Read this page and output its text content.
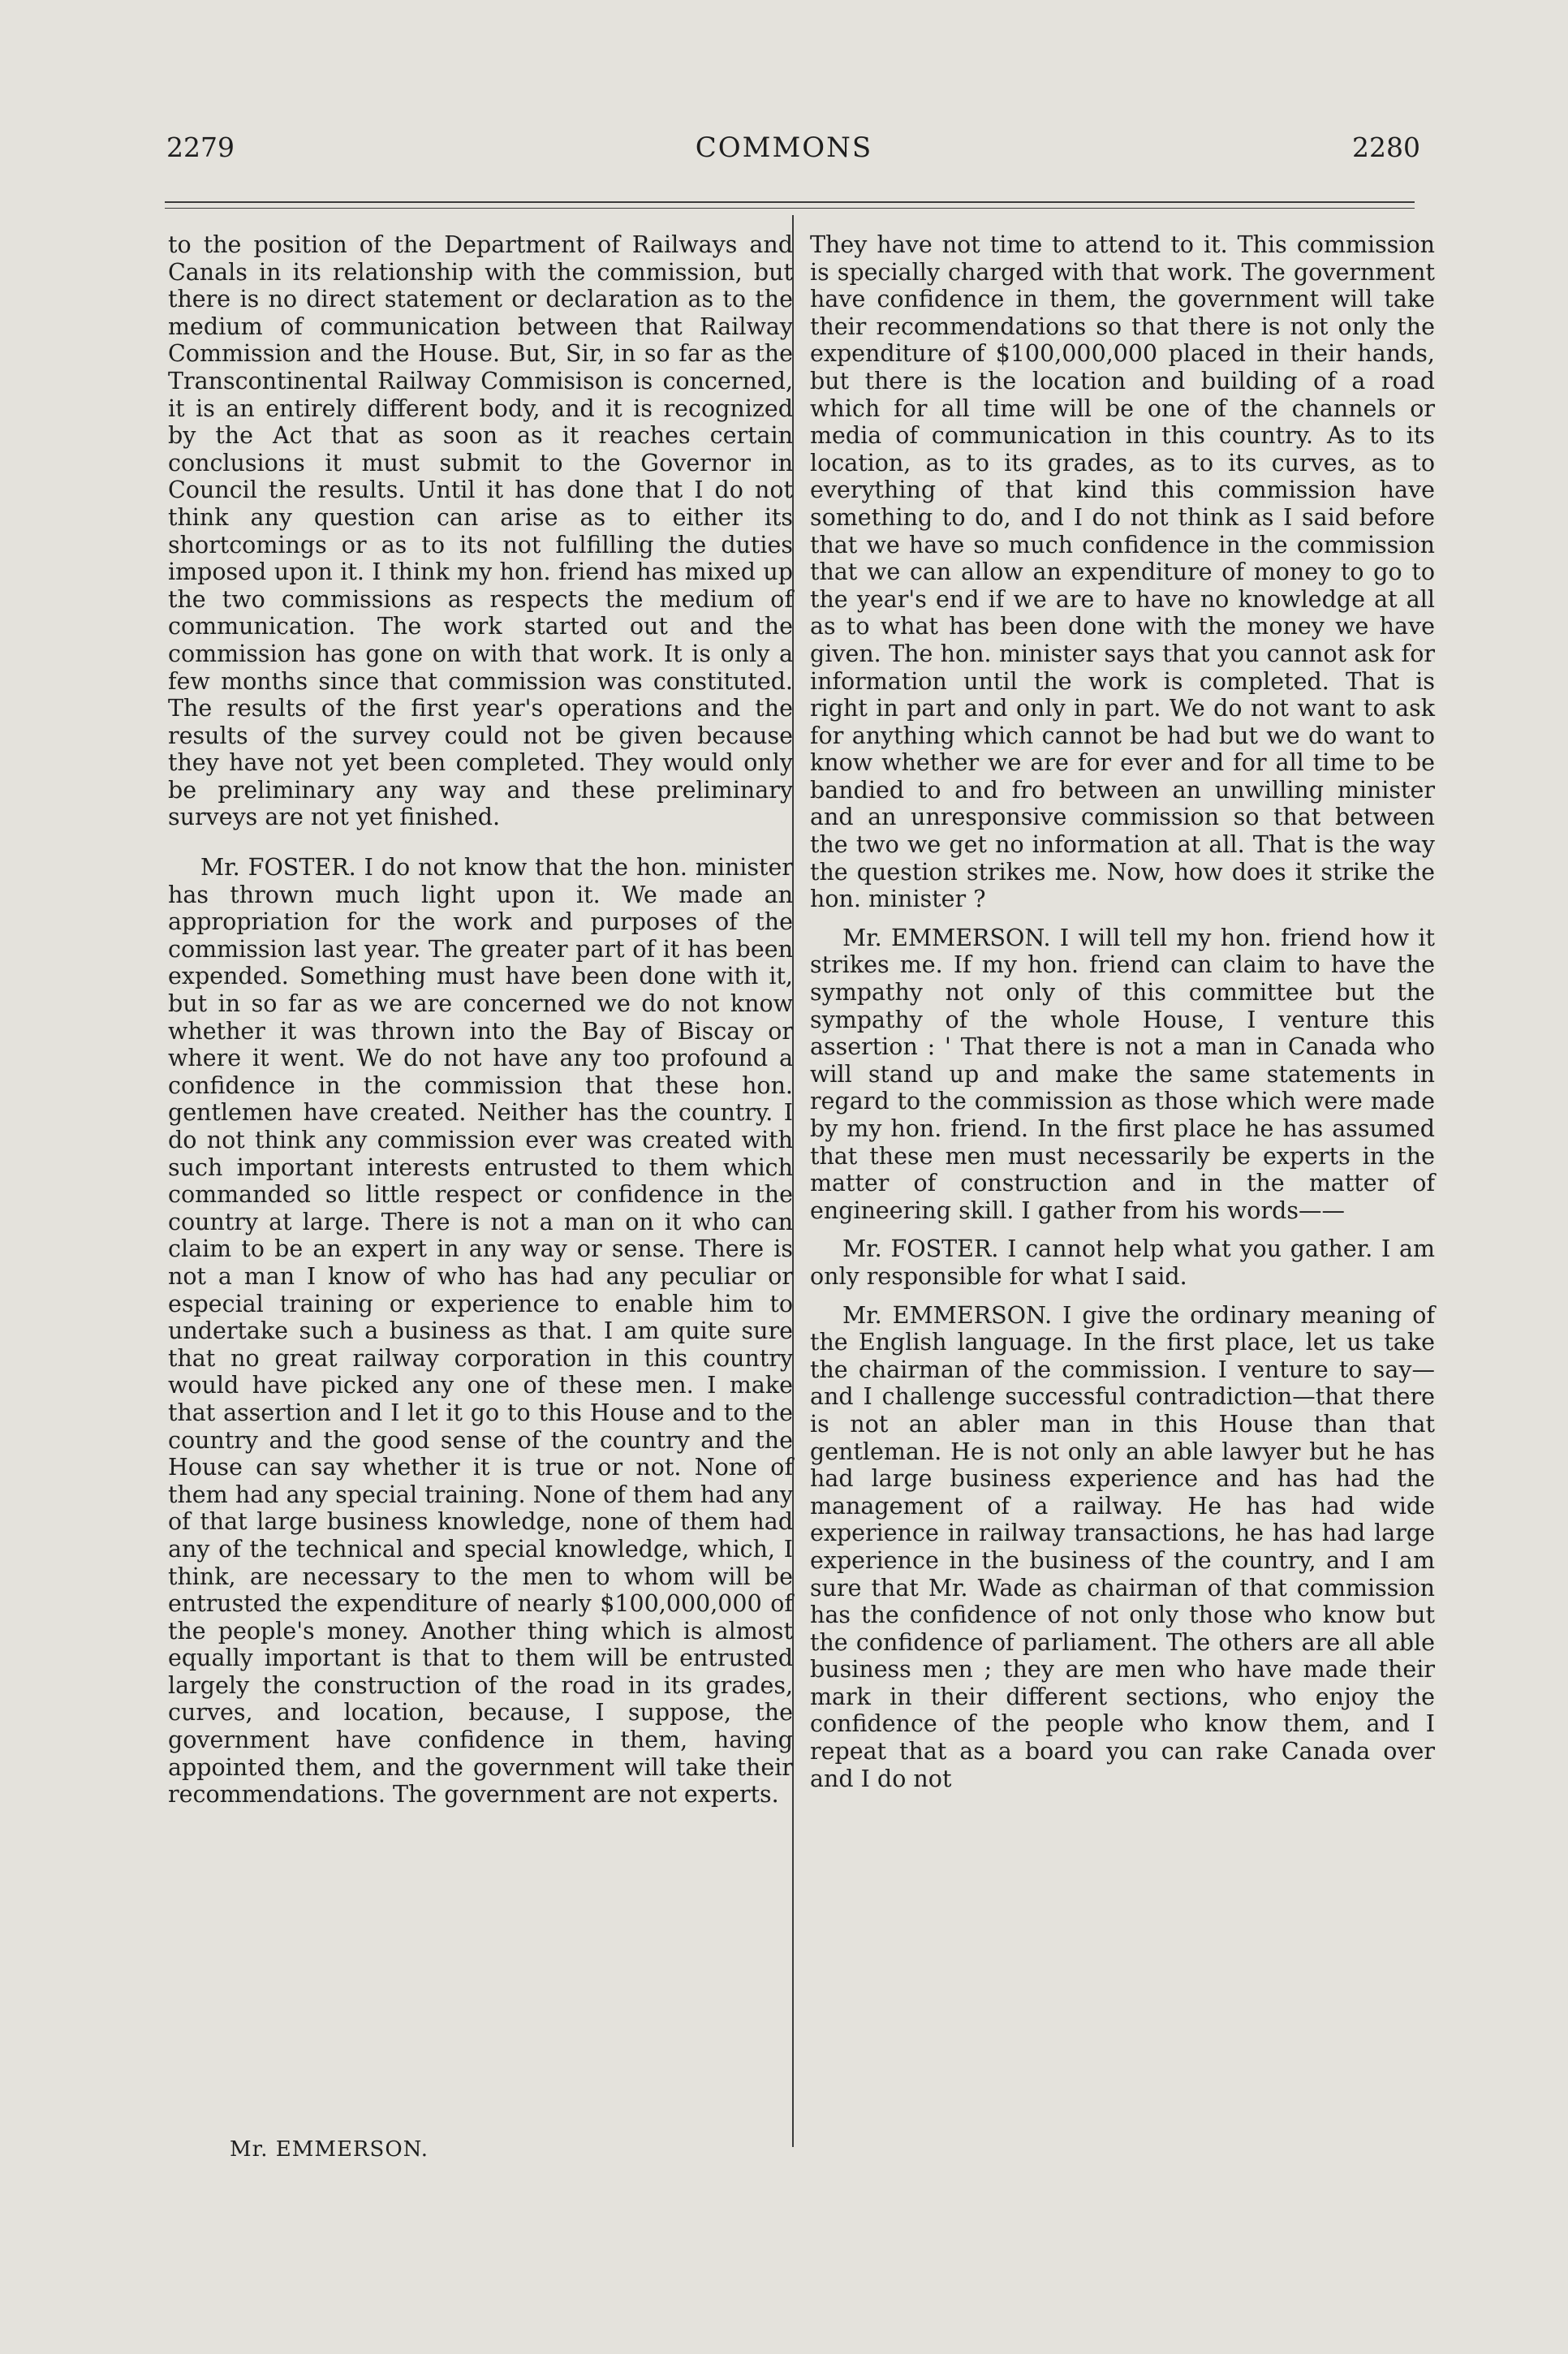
2279	COMMONS	2280

to the position of the Department of Railways and Canals in its relationship with the commission, but there is no direct statement or declaration as to the medium of communication between that Railway Commission and the House. But, Sir, in so far as the Transcontinental Railway Commisison is concerned, it is an entirely different body, and it is recognized by the Act that as soon as it reaches certain conclusions it must submit to the Governor in Council the results. Until it has done that I do not think any question can arise as to either its shortcomings or as to its not fulfilling the duties imposed upon it. I think my hon. friend has mixed up the two commissions as respects the medium of communication. The work started out and the commission has gone on with that work. It is only a few months since that commission was constituted. The results of the first year's operations and the results of the survey could not be given because they have not yet been completed. They would only be preliminary any way and these preliminary surveys are not yet finished.

Mr. FOSTER. I do not know that the hon. minister has thrown much light upon it. We made an appropriation for the work and purposes of the commission last year. The greater part of it has been expended. Something must have been done with it, but in so far as we are concerned we do not know whether it was thrown into the Bay of Biscay or where it went. We do not have any too profound a confidence in the commission that these hon. gentlemen have created. Neither has the country. I do not think any commission ever was created with such important interests entrusted to them which commanded so little respect or confidence in the country at large. There is not a man on it who can claim to be an expert in any way or sense. There is not a man I know of who has had any peculiar or especial training or experience to enable him to undertake such a business as that. I am quite sure that no great railway corporation in this country would have picked any one of these men. I make that assertion and I let it go to this House and to the country and the good sense of the country and the House can say whether it is true or not. None of them had any special training. None of them had any of that large business knowledge, none of them had any of the technical and special knowledge, which, I think, are necessary to the men to whom will be entrusted the expenditure of nearly $100,000,000 of the people's money. Another thing which is almost equally important is that to them will be entrusted largely the construction of the road in its grades, curves, and location, because, I suppose, the government have confidence in them, having appointed them, and the government will take their recommendations. The government are not experts.

They have not time to attend to it. This commission is specially charged with that work. The government have confidence in them, the government will take their recommendations so that there is not only the expenditure of $100,000,000 placed in their hands, but there is the location and building of a road which for all time will be one of the channels or media of communication in this country. As to its location, as to its grades, as to its curves, as to everything of that kind this commission have something to do, and I do not think as I said before that we have so much confidence in the commission that we can allow an expenditure of money to go to the year's end if we are to have no knowledge at all as to what has been done with the money we have given. The hon. minister says that you cannot ask for information until the work is completed. That is right in part and only in part. We do not want to ask for anything which cannot be had but we do want to know whether we are for ever and for all time to be bandied to and fro between an unwilling minister and an unresponsive commission so that between the two we get no information at all. That is the way the question strikes me. Now, how does it strike the hon. minister ?

Mr. EMMERSON. I will tell my hon. friend how it strikes me. If my hon. friend can claim to have the sympathy not only of this committee but the sympathy of the whole House, I venture this assertion : ' That there is not a man in Canada who will stand up and make the same statements in regard to the commission as those which were made by my hon. friend. In the first place he has assumed that these men must necessarily be experts in the matter of construction and in the matter of engineering skill. I gather from his words——

Mr. FOSTER. I cannot help what you gather. I am only responsible for what I said.

Mr. EMMERSON. I give the ordinary meaning of the English language. In the first place, let us take the chairman of the commission. I venture to say—and I challenge successful contradiction—that there is not an abler man in this House than that gentleman. He is not only an able lawyer but he has had large business experience and has had the management of a railway. He has had wide experience in railway transactions, he has had large experience in the business of the country, and I am sure that Mr. Wade as chairman of that commission has the confidence of not only those who know but the confidence of parliament. The others are all able business men ; they are men who have made their mark in their different sections, who enjoy the confidence of the people who know them, and I repeat that as a board you can rake Canada over and I do not

Mr. EMMERSON.
